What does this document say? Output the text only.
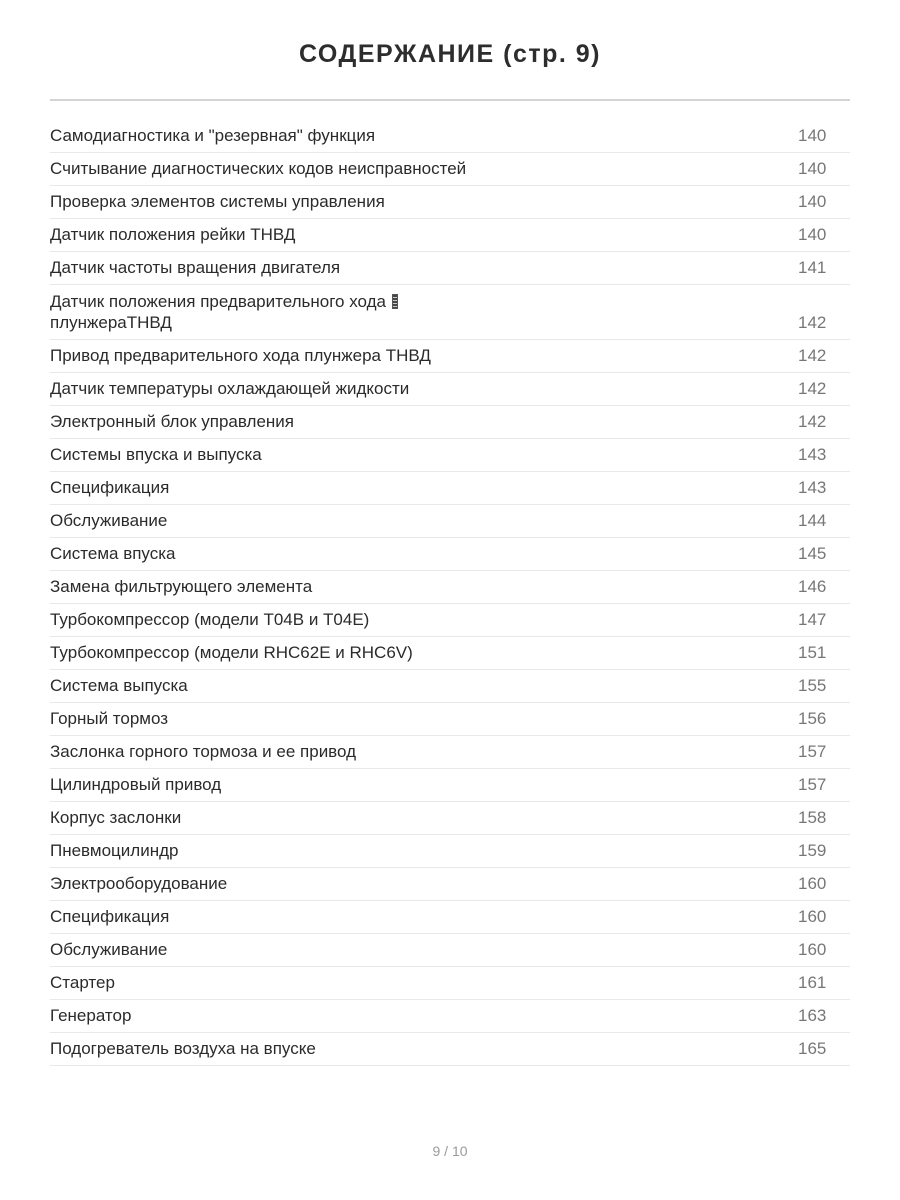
СОДЕРЖАНИЕ (стр. 9)
Самодиагностика и "резервная" функция	140
Считывание диагностических кодов неисправностей	140
Проверка элементов системы управления	140
Датчик положения рейки ТНВД	140
Датчик частоты вращения двигателя	141
Датчик положения предварительного хода
плунжераТНВД	142
Привод предварительного хода плунжера ТНВД	142
Датчик температуры охлаждающей жидкости	142
Электронный блок управления	142
Системы впуска и выпуска	143
Спецификация	143
Обслуживание	144
Система впуска	145
Замена фильтрующего элемента	146
Турбокомпрессор (модели Т04В и Т04Е)	147
Турбокомпрессор (модели RHC62E и RHC6V)	151
Система выпуска	155
Горный тормоз	156
Заслонка горного тормоза и ее привод	157
Цилиндровый привод	157
Корпус заслонки	158
Пневмоцилиндр	159
Электрооборудование	160
Спецификация	160
Обслуживание	160
Стартер	161
Генератор	163
Подогреватель воздуха на впуске	165
9 / 10
